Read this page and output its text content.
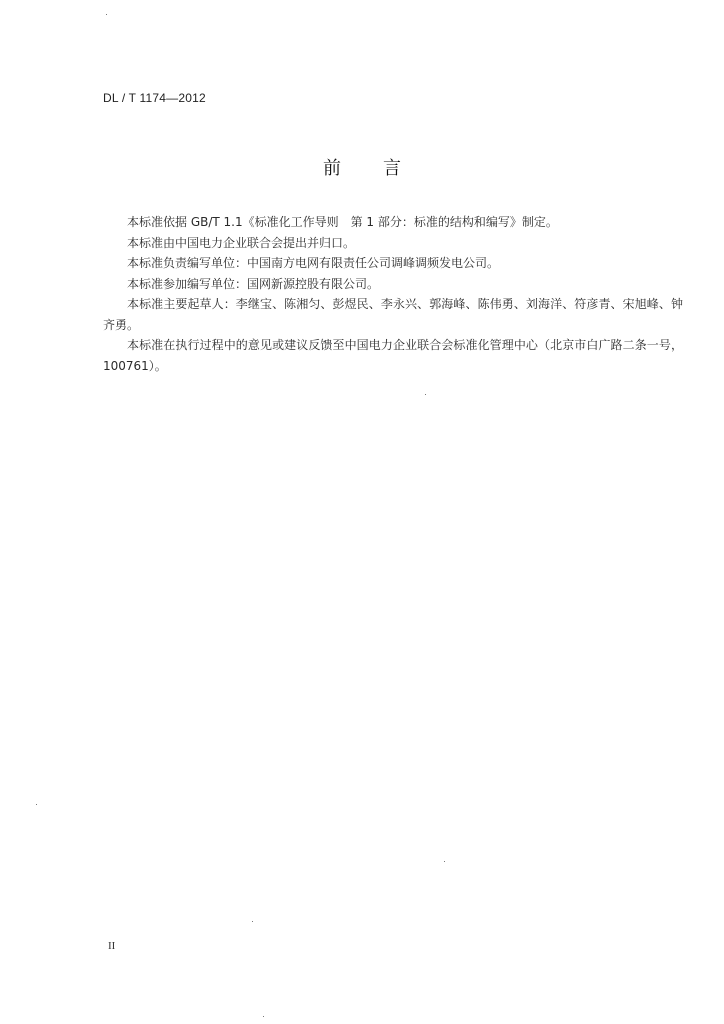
DL / T 1174—2012
前 言

本标准依据 GB/T 1.1《标准化工作导则　第 1 部分：标准的结构和编写》制定。

本标准由中国电力企业联合会提出并归口。

本标准负责编写单位：中国南方电网有限责任公司调峰调频发电公司。

本标准参加编写单位：国网新源控股有限公司。

本标准主要起草人：李继宝、陈湘匀、彭煜民、李永兴、郭海峰、陈伟勇、刘海洋、符彦青、宋旭峰、钟齐勇。

本标准在执行过程中的意见或建议反馈至中国电力企业联合会标准化管理中心（北京市白广路二条一号，100761）。

II
